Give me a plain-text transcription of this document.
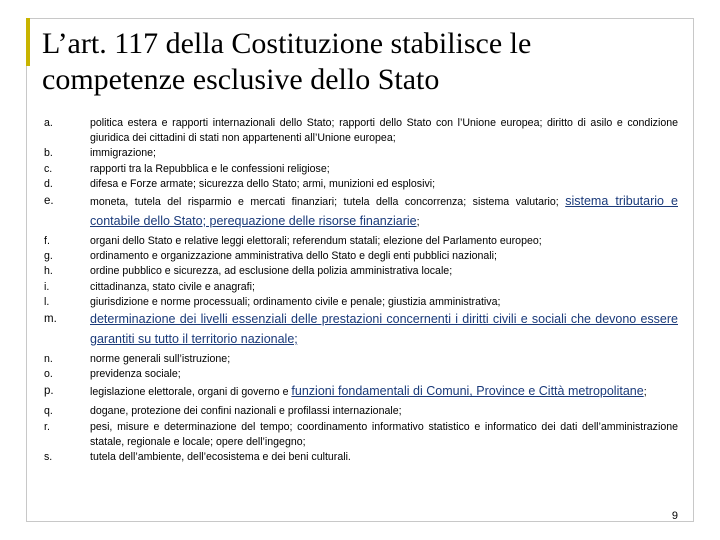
L’art. 117 della Costituzione stabilisce le competenze esclusive dello Stato
a.	politica estera e rapporti internazionali dello Stato; rapporti dello Stato con l’Unione europea; diritto di asilo e condizione giuridica dei cittadini di stati non appartenenti all’Unione europea;
b.	immigrazione;
c.	rapporti tra la Repubblica e le confessioni religiose;
d.	difesa e Forze armate; sicurezza dello Stato; armi, munizioni ed esplosivi;
e.	moneta, tutela del risparmio e mercati finanziari; tutela della concorrenza; sistema valutario; sistema tributario e contabile dello Stato; perequazione delle risorse finanziarie;
f.	organi dello Stato e relative leggi elettorali; referendum statali; elezione del Parlamento europeo;
g.	ordinamento e organizzazione amministrativa dello Stato e degli enti pubblici nazionali;
h.	ordine pubblico e sicurezza, ad esclusione della polizia amministrativa locale;
i.	cittadinanza, stato civile e anagrafi;
l.	giurisdizione e norme processuali; ordinamento civile e penale; giustizia amministrativa;
m.	determinazione dei livelli essenziali delle prestazioni concernenti i diritti civili e sociali che devono essere garantiti su tutto il territorio nazionale;
n.	norme generali sull’istruzione;
o.	previdenza sociale;
p.	legislazione elettorale, organi di governo e funzioni fondamentali di Comuni, Province e Città metropolitane;
q.	dogane, protezione dei confini nazionali e profilassi internazionale;
r.	pesi, misure e determinazione del tempo; coordinamento informativo statistico e informatico dei dati dell’amministrazione statale, regionale e locale; opere dell’ingegno;
s.	tutela dell’ambiente, dell’ecosistema e dei beni culturali.
9
